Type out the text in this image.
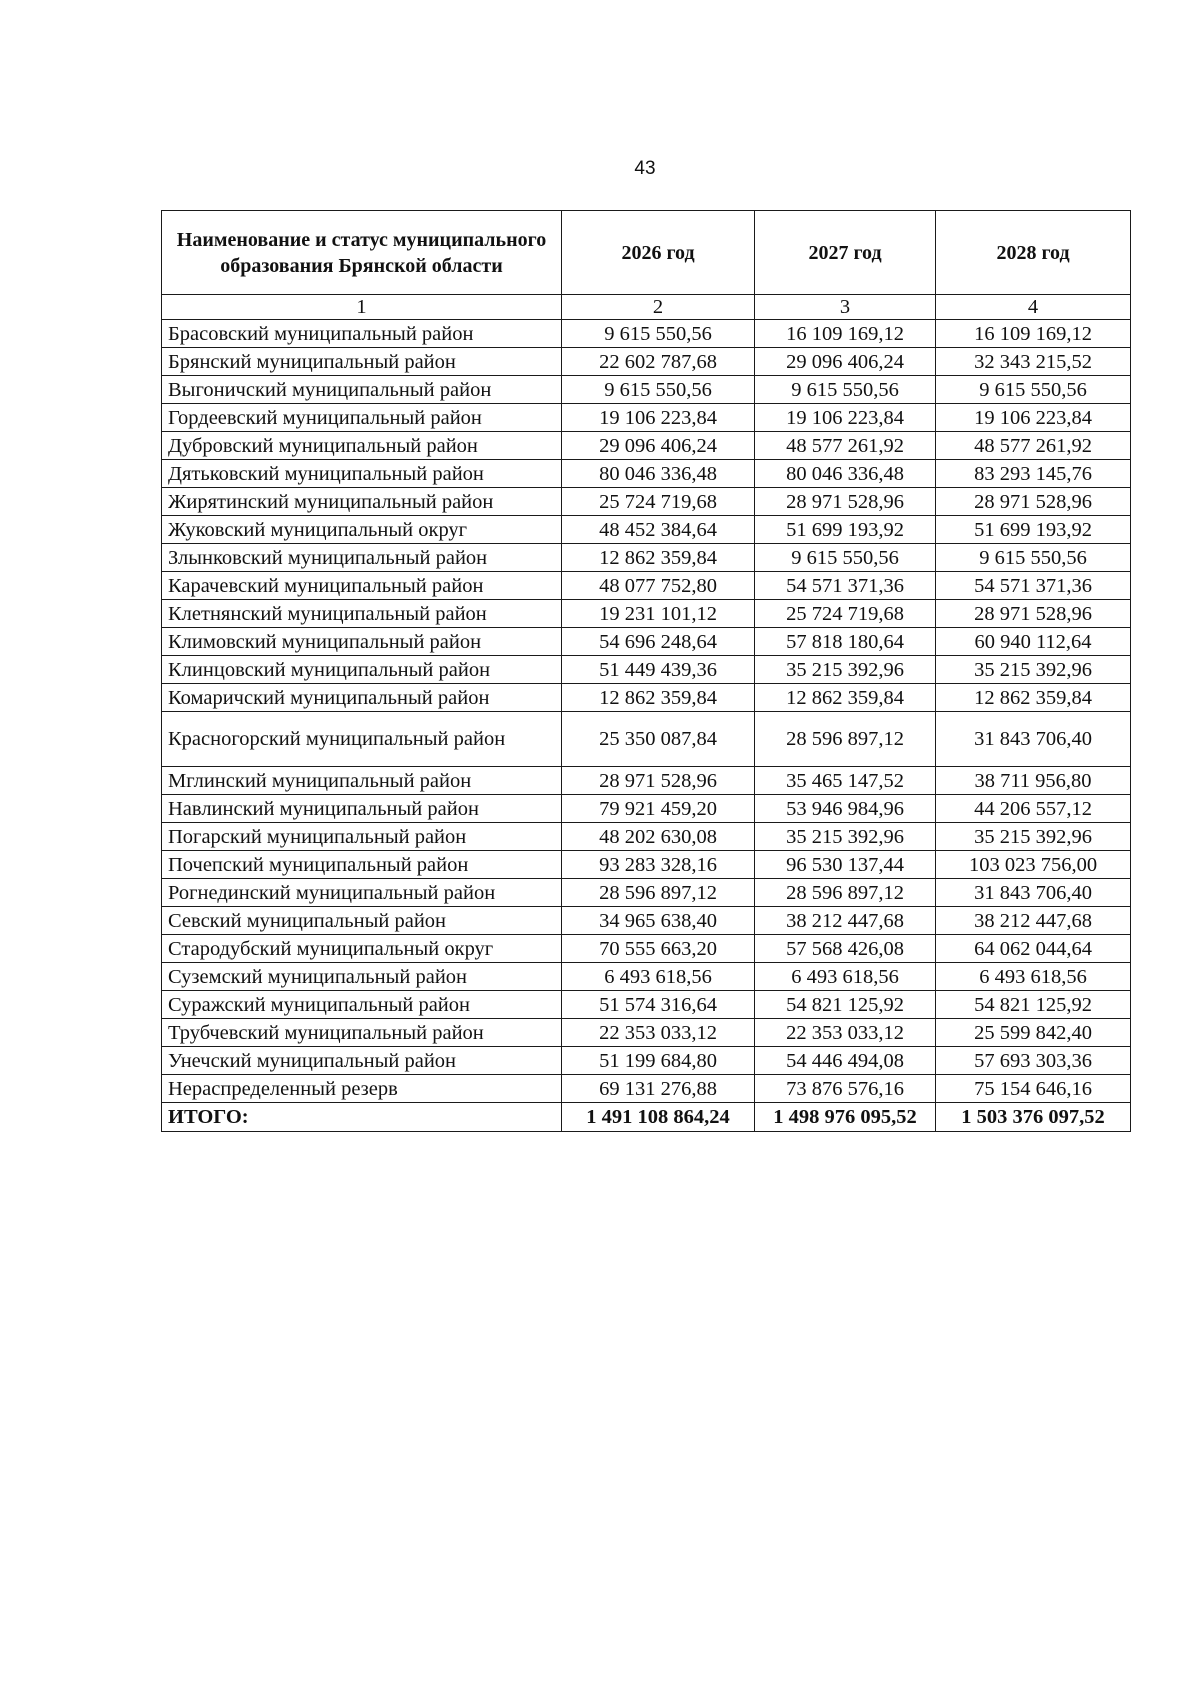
43
Наименование и статус муниципального образования Брянской области	2026 год	2027 год	2028 год
1	2	3	4
Брасовский муниципальный район	9 615 550,56	16 109 169,12	16 109 169,12
Брянский муниципальный район	22 602 787,68	29 096 406,24	32 343 215,52
Выгоничский муниципальный район	9 615 550,56	9 615 550,56	9 615 550,56
Гордеевский муниципальный район	19 106 223,84	19 106 223,84	19 106 223,84
Дубровский муниципальный район	29 096 406,24	48 577 261,92	48 577 261,92
Дятьковский муниципальный район	80 046 336,48	80 046 336,48	83 293 145,76
Жирятинский муниципальный район	25 724 719,68	28 971 528,96	28 971 528,96
Жуковский муниципальный округ	48 452 384,64	51 699 193,92	51 699 193,92
Злынковский муниципальный район	12 862 359,84	9 615 550,56	9 615 550,56
Карачевский муниципальный район	48 077 752,80	54 571 371,36	54 571 371,36
Клетнянский муниципальный район	19 231 101,12	25 724 719,68	28 971 528,96
Климовский муниципальный район	54 696 248,64	57 818 180,64	60 940 112,64
Клинцовский муниципальный район	51 449 439,36	35 215 392,96	35 215 392,96
Комаричский муниципальный район	12 862 359,84	12 862 359,84	12 862 359,84
Красногорский муниципальный район	25 350 087,84	28 596 897,12	31 843 706,40
Мглинский муниципальный район	28 971 528,96	35 465 147,52	38 711 956,80
Навлинский муниципальный район	79 921 459,20	53 946 984,96	44 206 557,12
Погарский муниципальный район	48 202 630,08	35 215 392,96	35 215 392,96
Почепский муниципальный район	93 283 328,16	96 530 137,44	103 023 756,00
Рогнединский муниципальный район	28 596 897,12	28 596 897,12	31 843 706,40
Севский муниципальный район	34 965 638,40	38 212 447,68	38 212 447,68
Стародубский муниципальный округ	70 555 663,20	57 568 426,08	64 062 044,64
Суземский муниципальный район	6 493 618,56	6 493 618,56	6 493 618,56
Суражский муниципальный район	51 574 316,64	54 821 125,92	54 821 125,92
Трубчевский муниципальный район	22 353 033,12	22 353 033,12	25 599 842,40
Унечский муниципальный район	51 199 684,80	54 446 494,08	57 693 303,36
Нераспределенный резерв	69 131 276,88	73 876 576,16	75 154 646,16
ИТОГО:	1 491 108 864,24	1 498 976 095,52	1 503 376 097,52
